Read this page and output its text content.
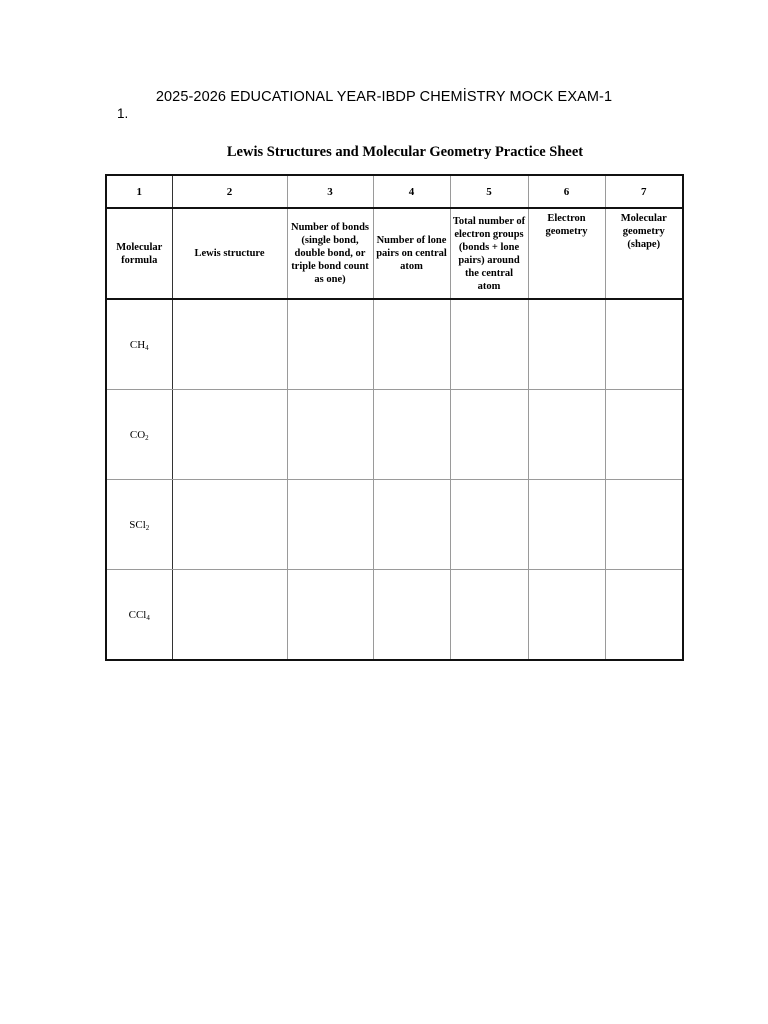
2025-2026 EDUCATIONAL YEAR-IBDP CHEMİSTRY MOCK EXAM-1
1.
Lewis Structures and Molecular Geometry Practice Sheet
1	2	3	4	5	6	7
Molecular formula	Lewis structure	Number of bonds (single bond, double bond, or triple bond count as one)	Number of lone pairs on central atom	Total number of electron groups (bonds + lone pairs) around the central atom	Electron geometry	Molecular geometry (shape)
$CH_4$						
$CO_2$						
SCl$_2$						
CCl$_4$						
